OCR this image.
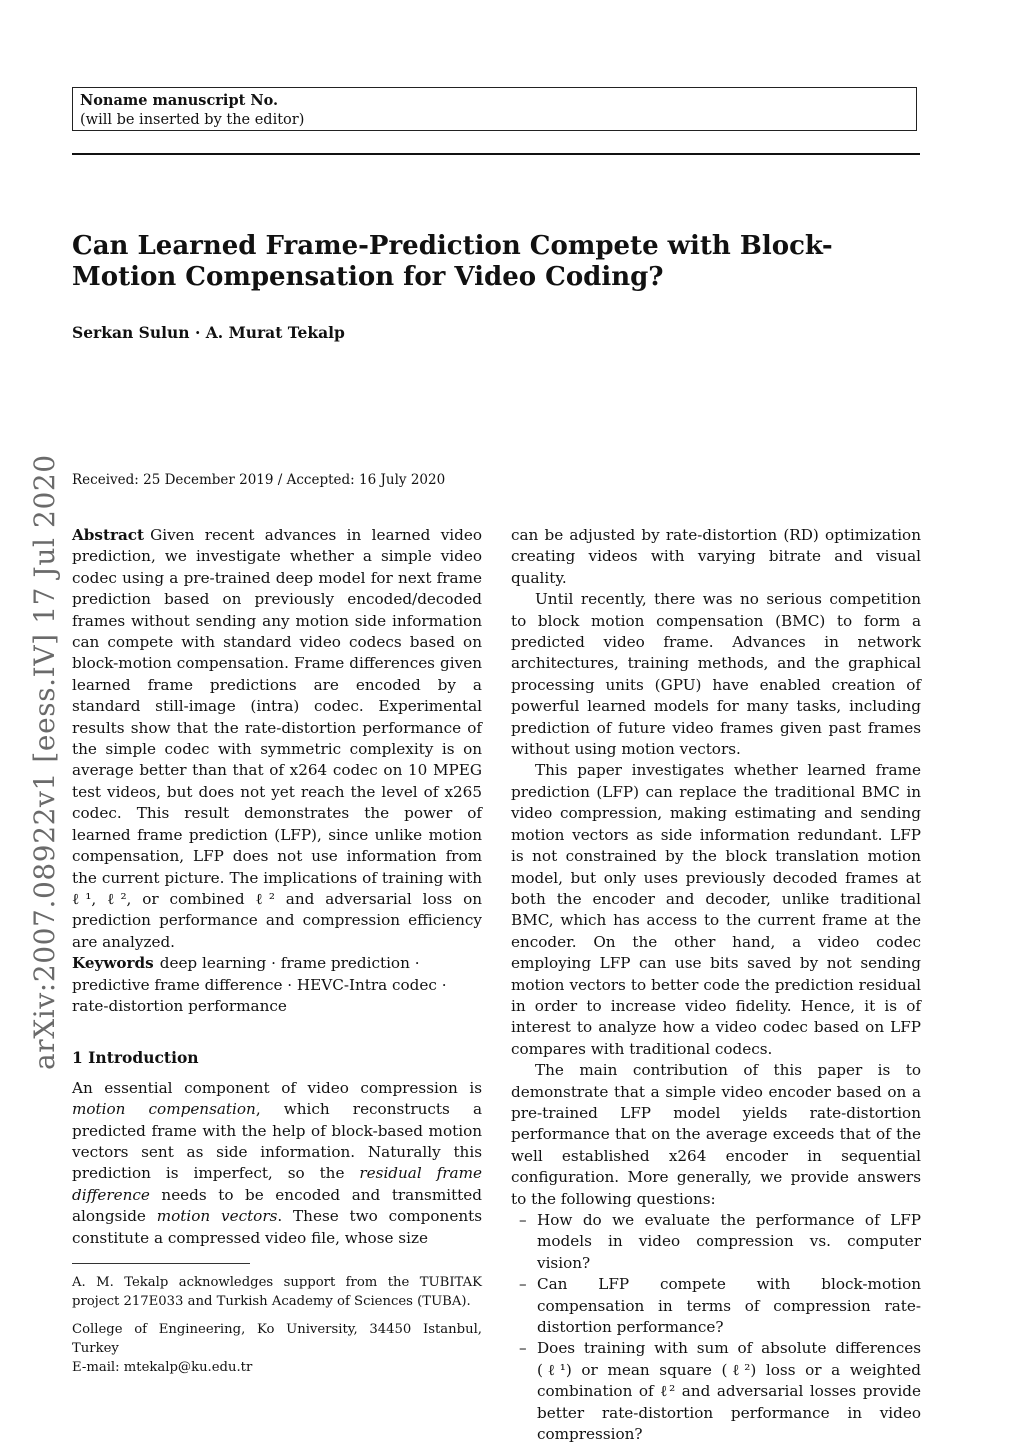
Noname manuscript No.
(will be inserted by the editor)
Can Learned Frame-Prediction Compete with Block-Motion Compensation for Video Coding?
Serkan Sulun · A. Murat Tekalp
Received: 25 December 2019 / Accepted: 16 July 2020
arXiv:2007.08922v1 [eess.IV] 17 Jul 2020 Abstract Given recent advances in learned video prediction, we investigate whether a simple video codec using a pre-trained deep model for next frame prediction based on previously encoded/decoded frames without sending any motion side information can compete with standard video codecs based on block-motion compensation. Frame differences given learned frame predictions are encoded by a standard still-image (intra) codec. Experimental results show that the rate-distortion performance of the simple codec with symmetric complexity is on average better than that of x264 codec on 10 MPEG test videos, but does not yet reach the level of x265 codec. This result demonstrates the power of learned frame prediction (LFP), since unlike motion compensation, LFP does not use information from the current picture. The implications of training with ℓ¹, ℓ², or combined ℓ² and adversarial loss on prediction performance and compression efficiency are analyzed.

Keywords deep learning · frame prediction · predictive frame difference · HEVC-Intra codec · rate-distortion performance

1 Introduction

An essential component of video compression is motion compensation, which reconstructs a predicted frame with the help of block-based motion vectors sent as side information. Naturally this prediction is imperfect, so the residual frame difference needs to be encoded and transmitted alongside motion vectors. These two components constitute a compressed video file, whose size

A. M. Tekalp acknowledges support from the TUBITAK project 217E033 and Turkish Academy of Sciences (TUBA).
College of Engineering, Ko University, 34450 Istanbul, Turkey
E-mail: mtekalp@ku.edu.tr

can be adjusted by rate-distortion (RD) optimization creating videos with varying bitrate and visual quality.

Until recently, there was no serious competition to block motion compensation (BMC) to form a predicted video frame. Advances in network architectures, training methods, and the graphical processing units (GPU) have enabled creation of powerful learned models for many tasks, including prediction of future video frames given past frames without using motion vectors.

This paper investigates whether learned frame prediction (LFP) can replace the traditional BMC in video compression, making estimating and sending motion vectors as side information redundant. LFP is not constrained by the block translation motion model, but only uses previously decoded frames at both the encoder and decoder, unlike traditional BMC, which has access to the current frame at the encoder. On the other hand, a video codec employing LFP can use bits saved by not sending motion vectors to better code the prediction residual in order to increase video fidelity. Hence, it is of interest to analyze how a video codec based on LFP compares with traditional codecs.

The main contribution of this paper is to demonstrate that a simple video encoder based on a pre-trained LFP model yields rate-distortion performance that on the average exceeds that of the well established x264 encoder in sequential configuration. More generally, we provide answers to the following questions:

– How do we evaluate the performance of LFP models in video compression vs. computer vision?
– Can LFP compete with block-motion compensation in terms of compression rate-distortion performance?
– Does training with sum of absolute differences (ℓ¹) or mean square (ℓ²) loss or a weighted combination of ℓ² and adversarial losses provide better rate-distortion performance in video compression?
